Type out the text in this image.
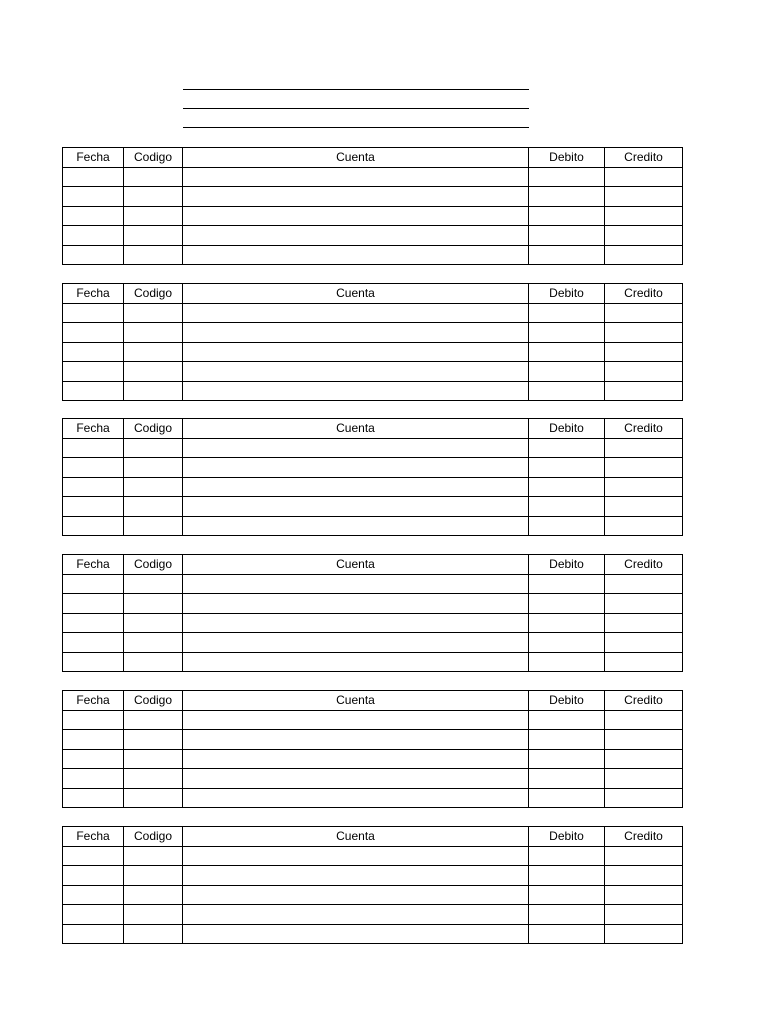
Fecha	Codigo	Cuenta	Debito	Credito

Fecha	Codigo	Cuenta	Debito	Credito

Fecha	Codigo	Cuenta	Debito	Credito

Fecha	Codigo	Cuenta	Debito	Credito

Fecha	Codigo	Cuenta	Debito	Credito

Fecha	Codigo	Cuenta	Debito	Credito
